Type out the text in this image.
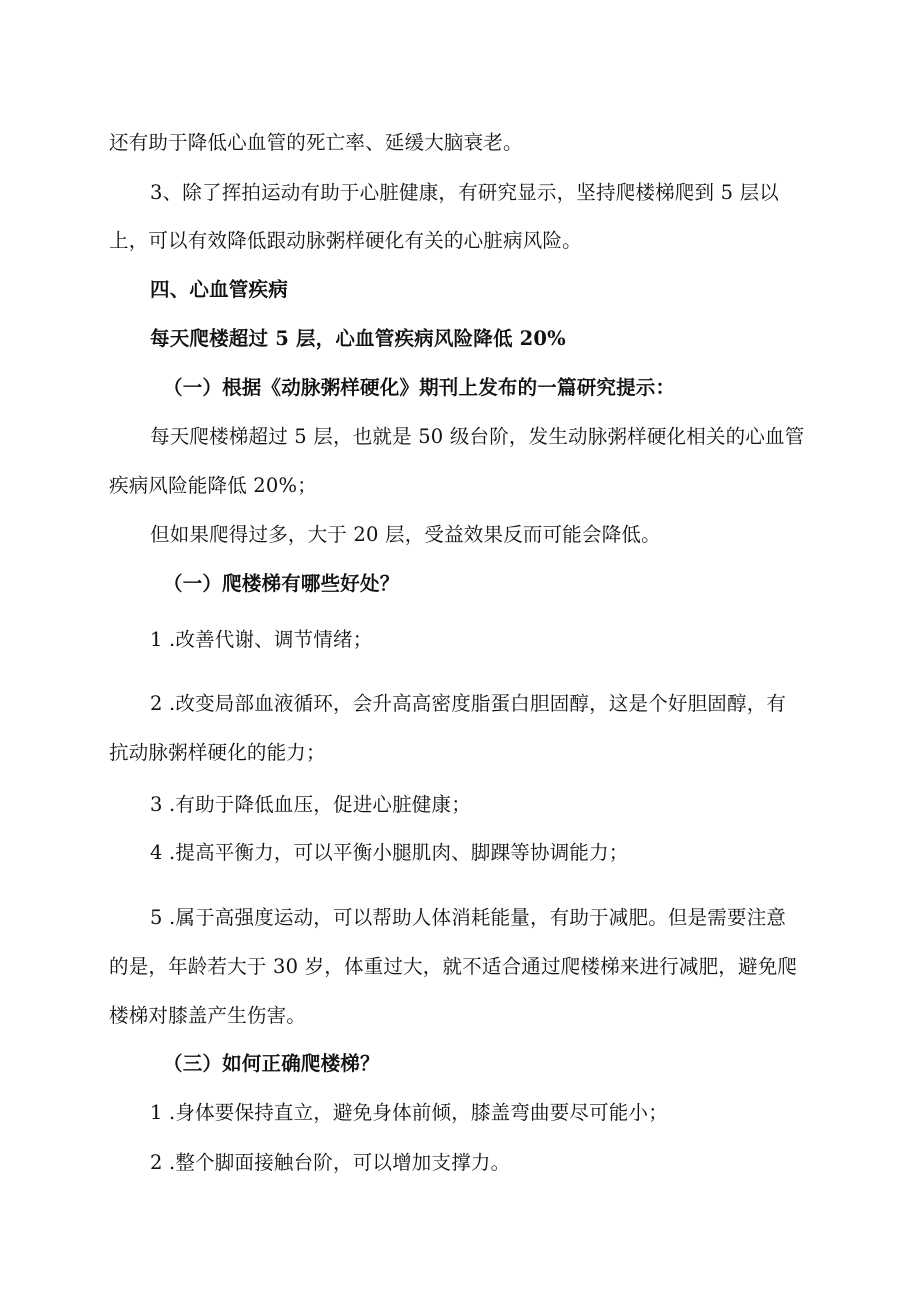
还有助于降低心血管的死亡率、延缓大脑衰老。
3、除了挥拍运动有助于心脏健康，有研究显示，坚持爬楼梯爬到 5 层以
上，可以有效降低跟动脉粥样硬化有关的心脏病风险。
四、心血管疾病
每天爬楼超过 5 层，心血管疾病风险降低 20%
（一）根据《动脉粥样硬化》期刊上发布的一篇研究提示：
每天爬楼梯超过 5 层，也就是 50 级台阶，发生动脉粥样硬化相关的心血管
疾病风险能降低 20%；
但如果爬得过多，大于 20 层，受益效果反而可能会降低。
（一）爬楼梯有哪些好处？
1 .改善代谢、调节情绪；
2 .改变局部血液循环，会升高高密度脂蛋白胆固醇，这是个好胆固醇，有
抗动脉粥样硬化的能力；
3 .有助于降低血压，促进心脏健康；
4 .提高平衡力，可以平衡小腿肌肉、脚踝等协调能力；
5 .属于高强度运动，可以帮助人体消耗能量，有助于减肥。但是需要注意
的是，年龄若大于 30 岁，体重过大，就不适合通过爬楼梯来进行减肥，避免爬
楼梯对膝盖产生伤害。
（三）如何正确爬楼梯？
1 .身体要保持直立，避免身体前倾，膝盖弯曲要尽可能小；
2 .整个脚面接触台阶，可以增加支撑力。
